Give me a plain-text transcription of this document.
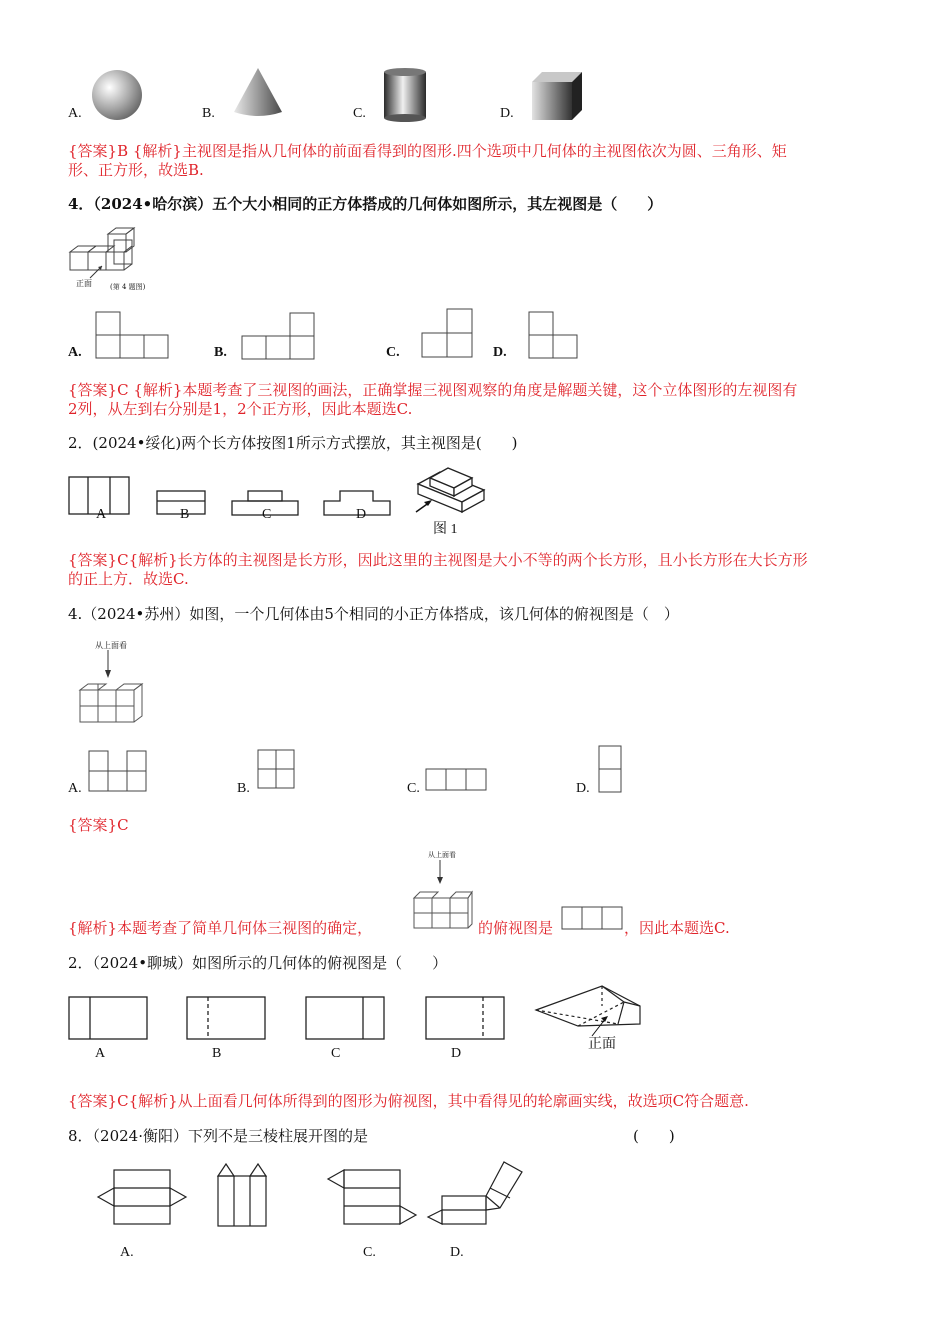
A.	B.	C.	D.
{答案}B {解析}主视图是指从几何体的前面看得到的图形.四个选项中几何体的主视图依次为圆、三角形、矩
形、正方形，故选B.
4．（2024•哈尔滨）五个大小相同的正方体搭成的几何体如图所示，其左视图是（　　）
正面	(第 4 题图)
A.	B.	C.	D.
{答案}C {解析}本题考查了三视图的画法，正确掌握三视图观察的角度是解题关键，这个立体图形的左视图有
2列，从左到右分别是1，2个正方形，因此本题选C.
2．(2024•绥化)两个长方体按图1所示方式摆放，其主视图是(　　)
A	B	C	D
图 1
{答案}C{解析}长方体的主视图是长方形，因此这里的主视图是大小不等的两个长方形，且小长方形在大长方形
的正上方．故选C.
4.（2024•苏州）如图，一个几何体由5个相同的小正方体搭成，该几何体的俯视图是（　）
从上面看
A.	B.	C.	D.
{答案}C
{解析}本题考查了简单几何体三视图的确定，
从上面看
的俯视图是	，因此本题选C.
2．（2024•聊城）如图所示的几何体的俯视图是（　　）
A	B	C	D
正面
{答案}C{解析}从上面看几何体所得到的图形为俯视图，其中看得见的轮廓画实线，故选项C符合题意.
8．（2024·衡阳）下列不是三棱柱展开图的是	(　　)
A.	C.	D.
